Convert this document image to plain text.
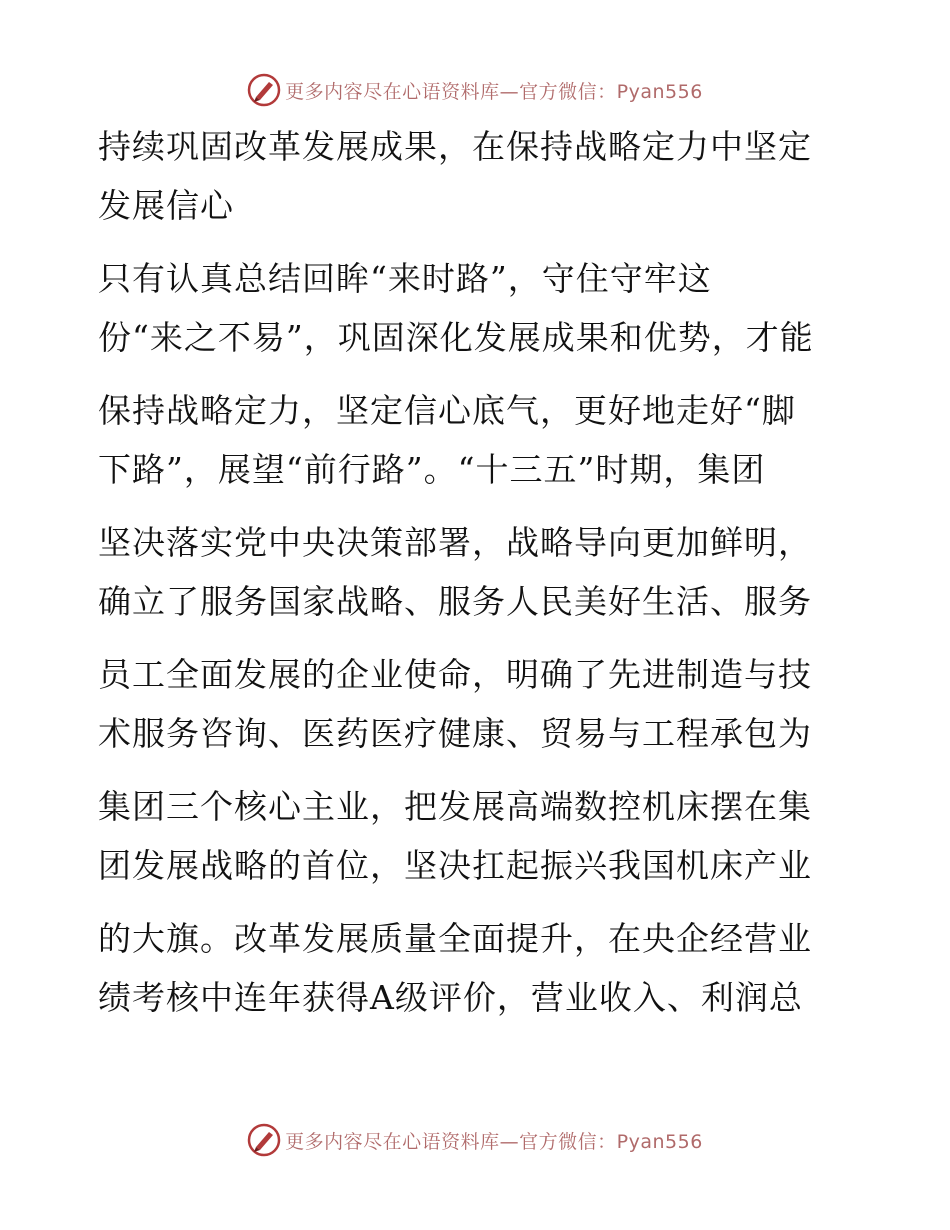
更多内容尽在心语资料库—官方微信：Pyan556
持续巩固改革发展成果，在保持战略定力中坚定
发展信心
只有认真总结回眸“来时路”，守住守牢这
份“来之不易”，巩固深化发展成果和优势，才能
保持战略定力，坚定信心底气，更好地走好“脚
下路”，展望“前行路”。“十三五”时期，集团
坚决落实党中央决策部署，战略导向更加鲜明，
确立了服务国家战略、服务人民美好生活、服务
员工全面发展的企业使命，明确了先进制造与技
术服务咨询、医药医疗健康、贸易与工程承包为
集团三个核心主业，把发展高端数控机床摆在集
团发展战略的首位，坚决扛起振兴我国机床产业
的大旗。改革发展质量全面提升，在央企经营业
绩考核中连年获得A级评价，营业收入、利润总
更多内容尽在心语资料库—官方微信：Pyan556
